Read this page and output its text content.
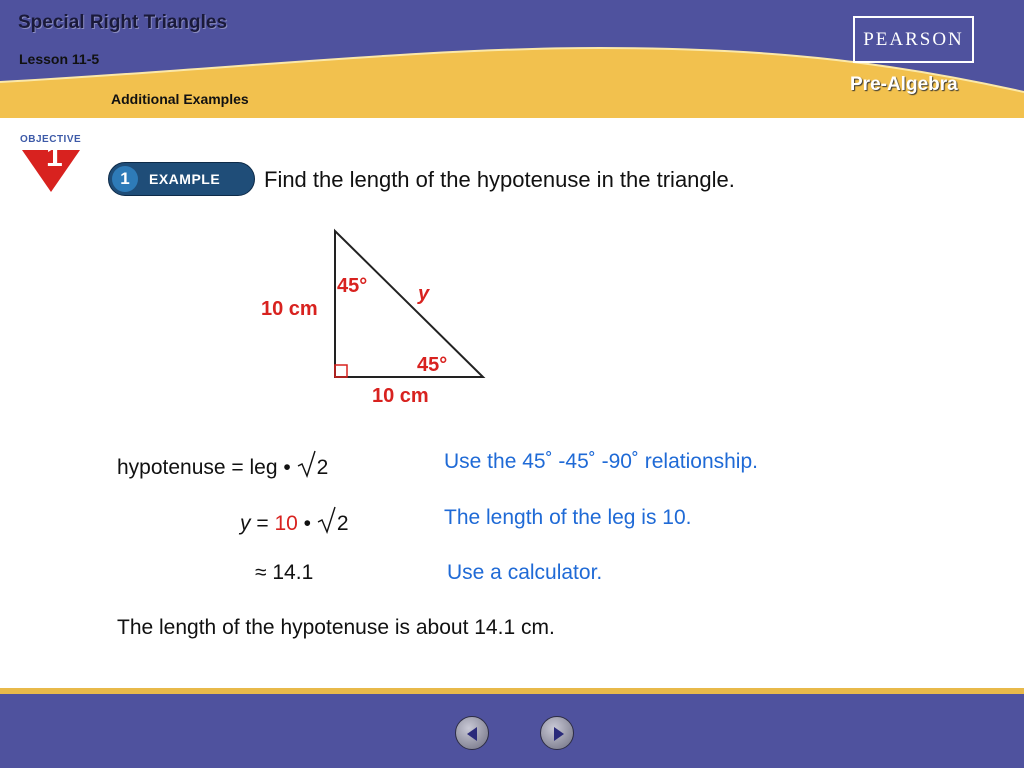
Special Right Triangles
Lesson 11-5
Additional Examples
PEARSON
Pre-Algebra
OBJECTIVE
1
1	EXAMPLE Find the length of the hypotenuse in the triangle.
10 cm
10 cm
45°
45°
y
hypotenuse = leg • 2	Use the 45˚ -45˚ -90˚ relationship.
y = 10 • 2	The length of the leg is 10.
≈ 14.1	Use a calculator.
The length of the hypotenuse is about 14.1 cm.
